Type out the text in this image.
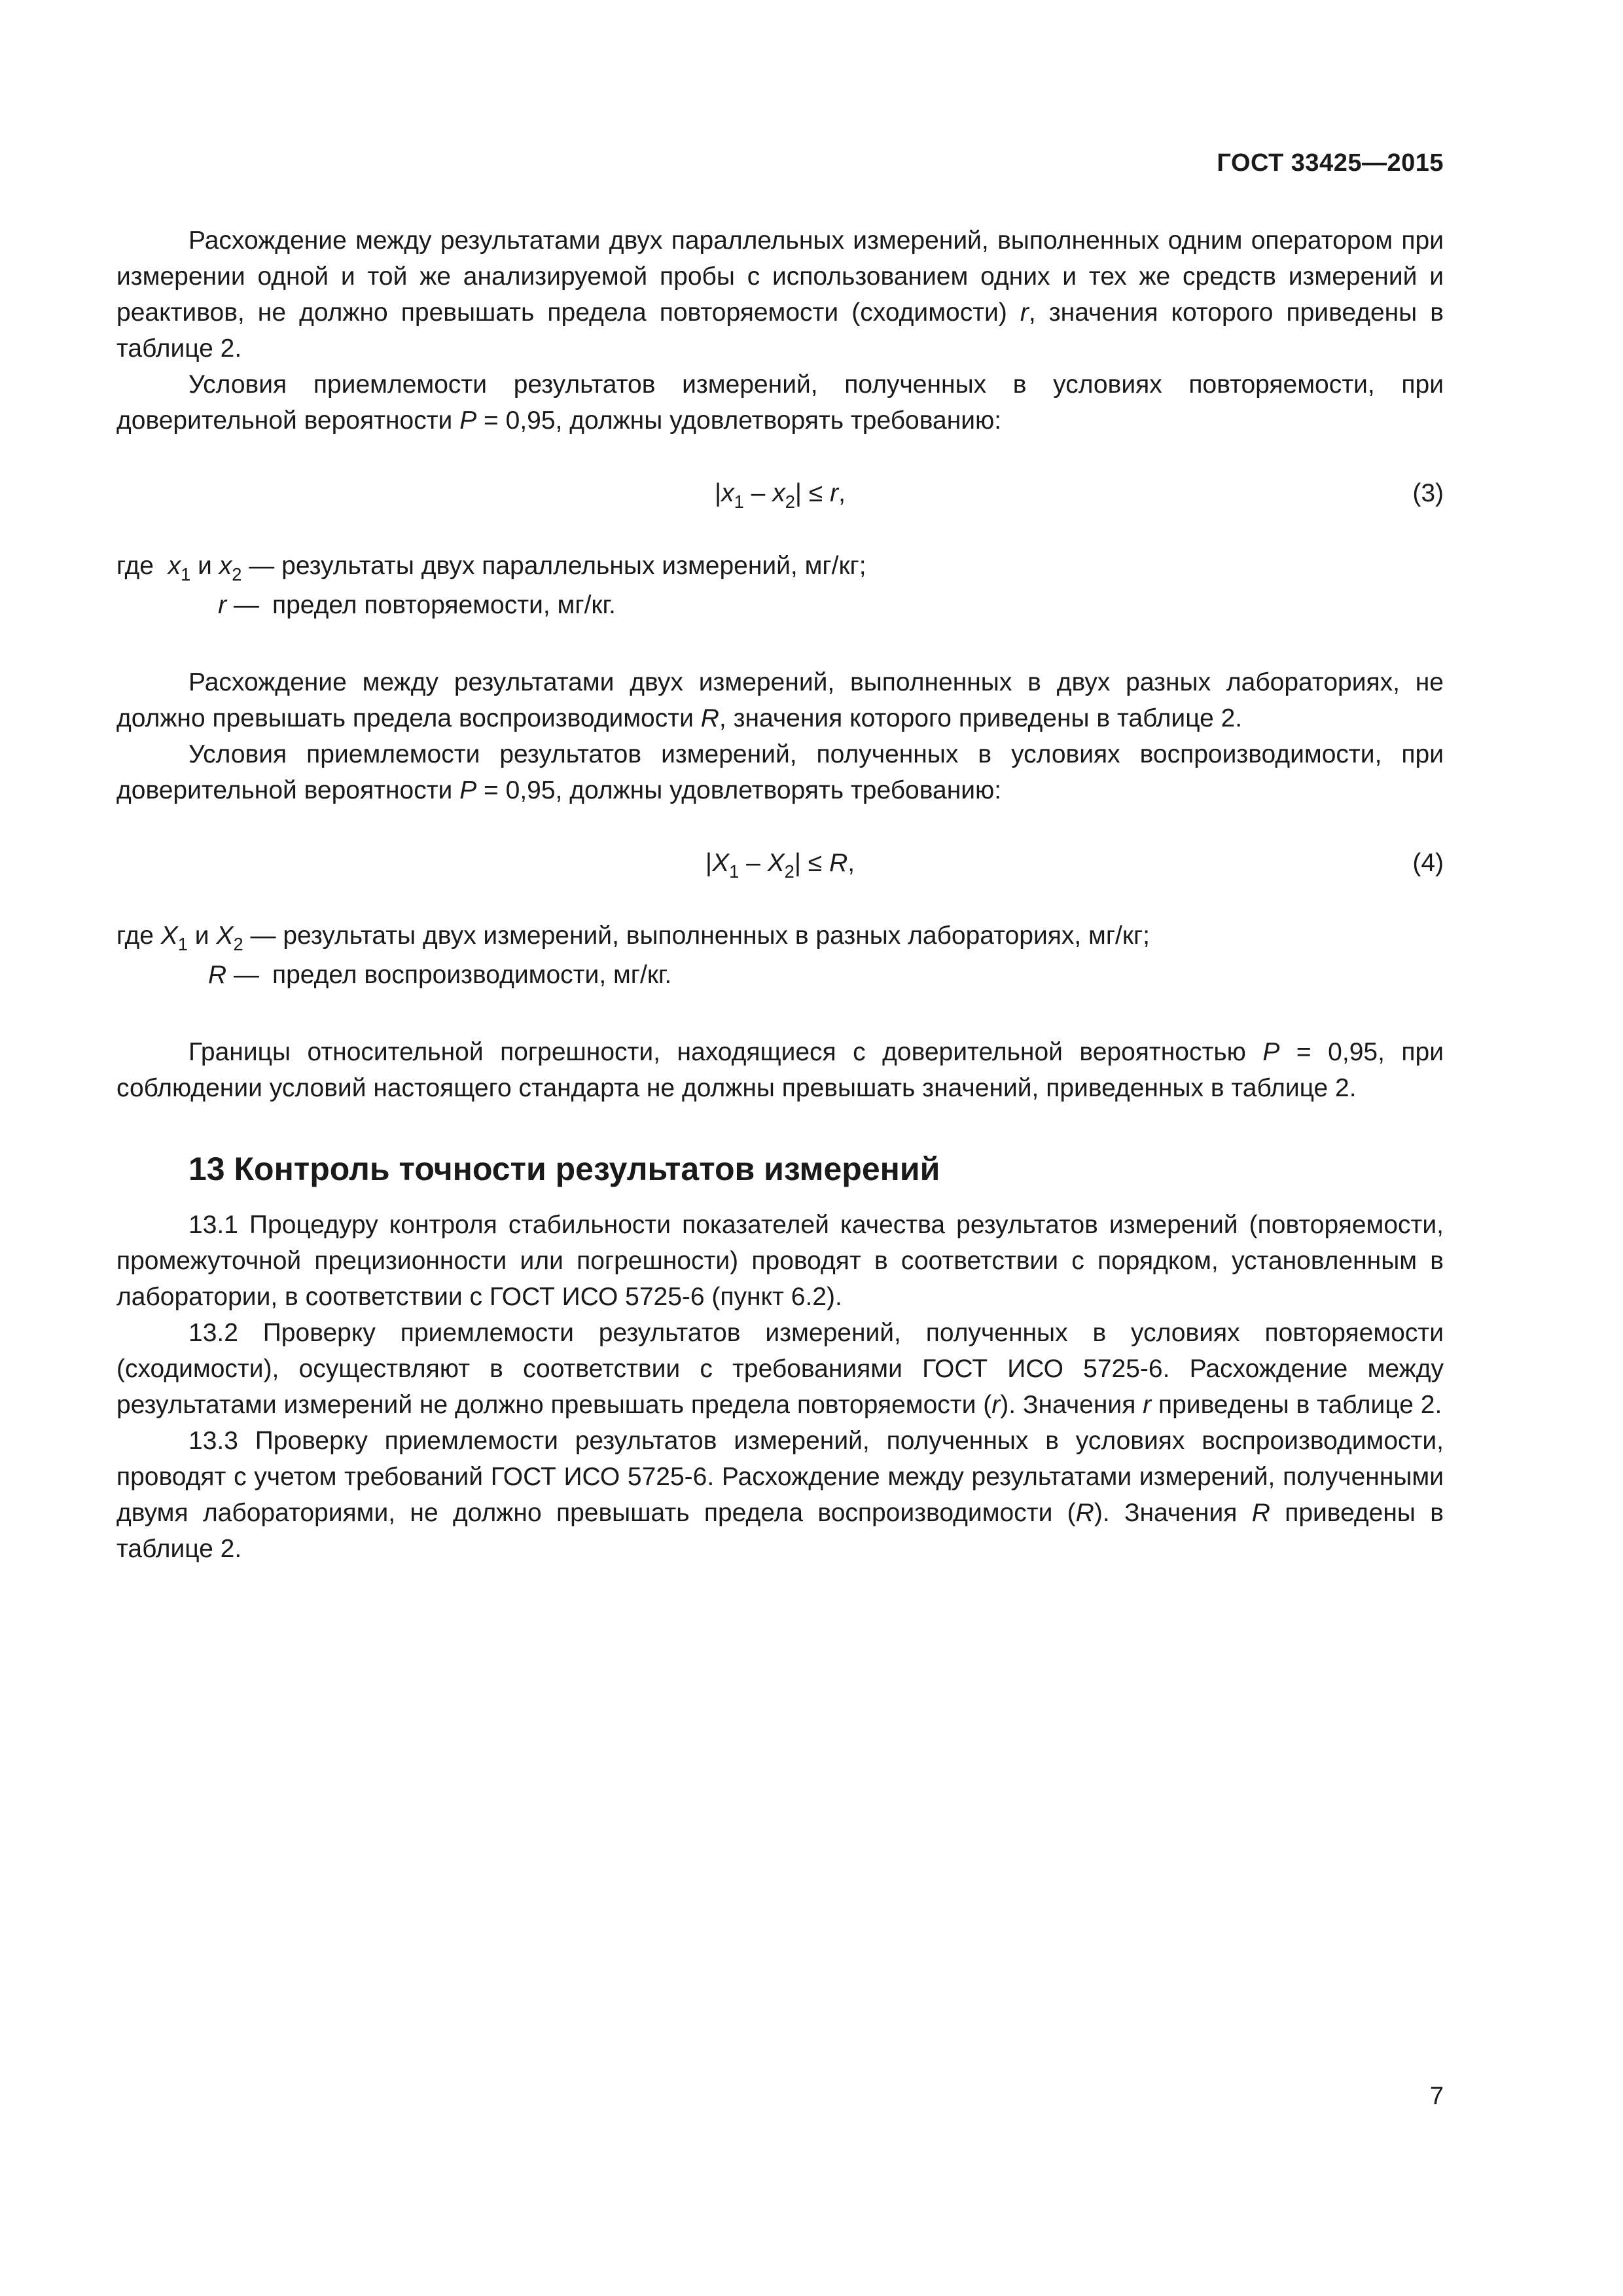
ГОСТ 33425—2015

Расхождение между результатами двух параллельных измерений, выполненных одним оператором при измерении одной и той же анализируемой пробы с использованием одних и тех же средств измерений и реактивов, не должно превышать предела повторяемости (сходимости) r, значения которого приведены в таблице 2.

Условия приемлемости результатов измерений, полученных в условиях повторяемости, при доверительной вероятности P = 0,95, должны удовлетворять требованию:

$|x_1 - x_2| \le r$,	(3)
где $x_1$ и $x_2$ — результаты двух параллельных измерений, мг/кг;
r — предел повторяемости, мг/кг.

Расхождение между результатами двух измерений, выполненных в двух разных лабораториях, не должно превышать предела воспроизводимости R, значения которого приведены в таблице 2.

Условия приемлемости результатов измерений, полученных в условиях воспроизводимости, при доверительной вероятности P = 0,95, должны удовлетворять требованию:

$|X_1 - X_2| \le R$,	(4)
где $X_1$ и $X_2$ — результаты двух измерений, выполненных в разных лабораториях, мг/кг;
R — предел воспроизводимости, мг/кг.

Границы относительной погрешности, находящиеся с доверительной вероятностью P = 0,95, при соблюдении условий настоящего стандарта не должны превышать значений, приведенных в таблице 2.

13 Контроль точности результатов измерений

13.1 Процедуру контроля стабильности показателей качества результатов измерений (повторяемости, промежуточной прецизионности или погрешности) проводят в соответствии с порядком, установленным в лаборатории, в соответствии с ГОСТ ИСО 5725-6 (пункт 6.2).

13.2 Проверку приемлемости результатов измерений, полученных в условиях повторяемости (сходимости), осуществляют в соответствии с требованиями ГОСТ ИСО 5725-6. Расхождение между результатами измерений не должно превышать предела повторяемости (r). Значения r приведены в таблице 2.

13.3 Проверку приемлемости результатов измерений, полученных в условиях воспроизводимости, проводят с учетом требований ГОСТ ИСО 5725-6. Расхождение между результатами измерений, полученными двумя лабораториями, не должно превышать предела воспроизводимости (R). Значения R приведены в таблице 2.

7
